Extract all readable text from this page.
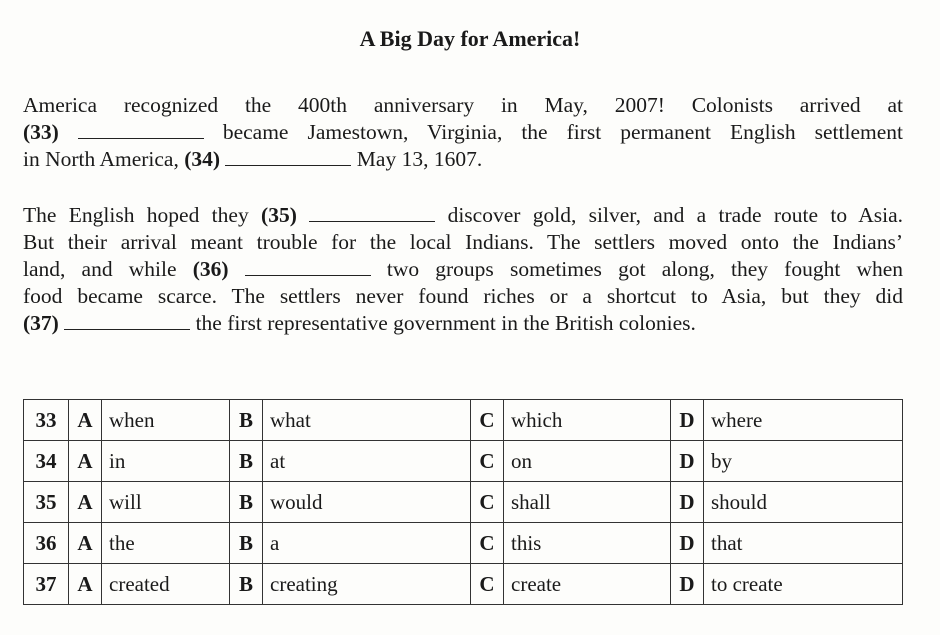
A Big Day for America!
America recognized the 400th anniversary in May, 2007! Colonists arrived at
(33)	became Jamestown, Virginia, the first permanent English settlement
in North America, (34)	May 13, 1607.
The English hoped they (35)	discover gold, silver, and a trade route to Asia.
But their arrival meant trouble for the local Indians. The settlers moved onto the Indians’
land, and while (36)	two groups sometimes got along, they fought when
food became scarce. The settlers never found riches or a shortcut to Asia, but they did
(37)	the first representative government in the British colonies.
33	A	when	B	what	C	which	D	where
34	A	in	B	at	C	on	D	by
35	A	will	B	would	C	shall	D	should
36	A	the	B	a	C	this	D	that
37	A	created	B	creating	C	create	D	to create
